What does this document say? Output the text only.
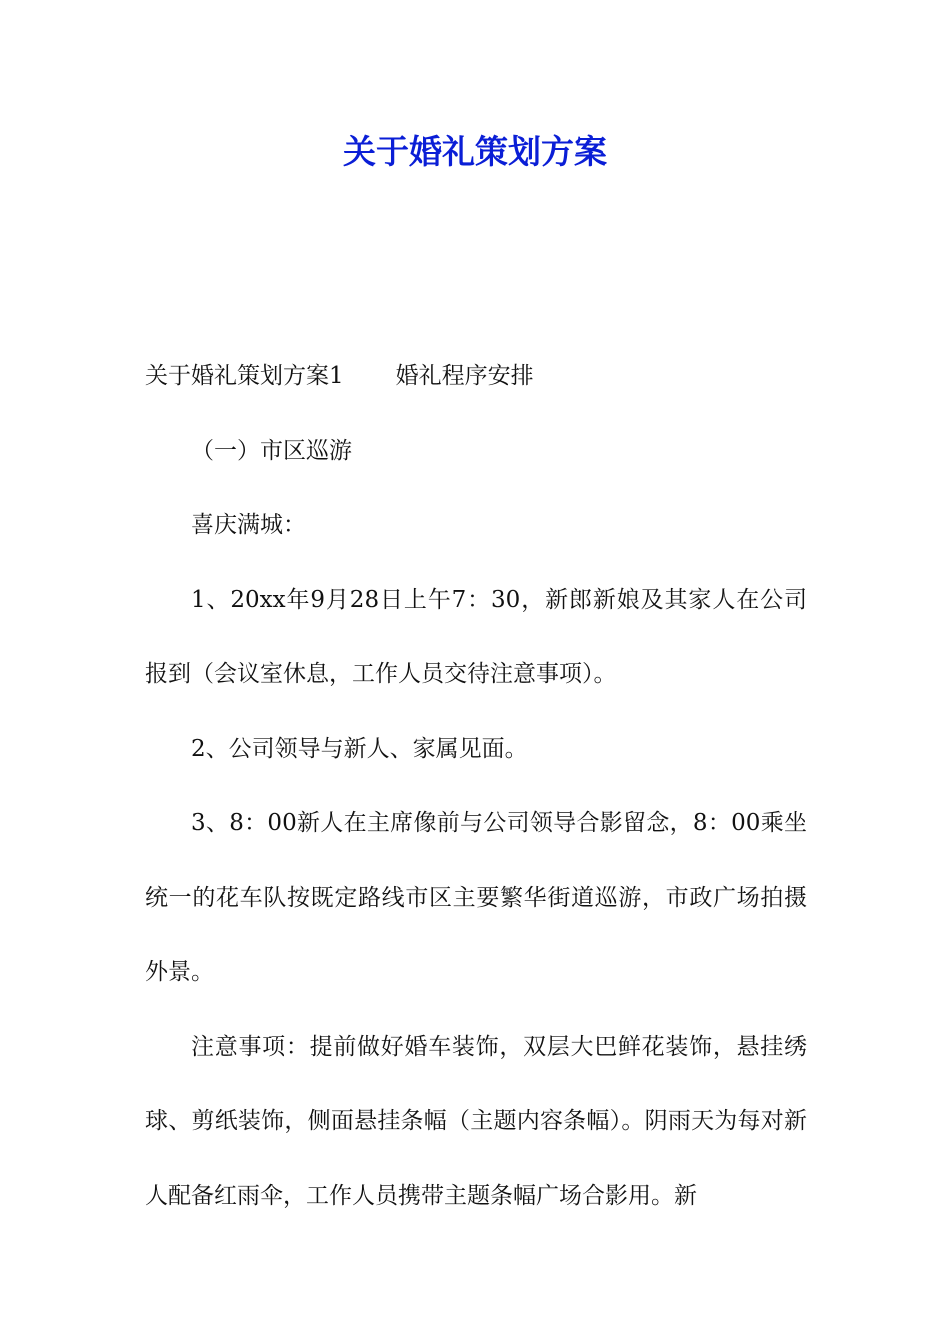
关于婚礼策划方案

关于婚礼策划方案1 婚礼程序安排

（一）市区巡游

喜庆满城：

1、20xx年9月28日上午7：30，新郎新娘及其家人在公司报到（会议室休息，工作人员交待注意事项）。

2、公司领导与新人、家属见面。

3、8：00新人在主席像前与公司领导合影留念，8：00乘坐统一的花车队按既定路线市区主要繁华街道巡游，市政广场拍摄外景。

注意事项：提前做好婚车装饰，双层大巴鲜花装饰，悬挂绣球、剪纸装饰，侧面悬挂条幅（主题内容条幅）。阴雨天为每对新人配备红雨伞，工作人员携带主题条幅广场合影用。新
